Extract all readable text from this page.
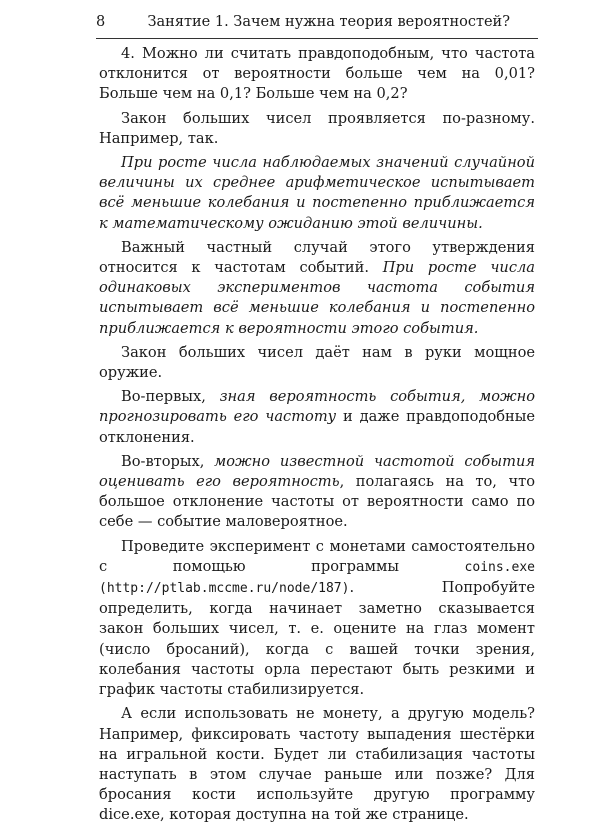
8	Занятие 1. Зачем нужна теория вероятностей?

4. Можно ли считать правдоподобным, что частота отклонится от вероятности больше чем на 0,01? Больше чем на 0,1? Больше чем на 0,2?

Закон больших чисел проявляется по-разному. Например, так.

При росте числа наблюдаемых значений случайной величины их среднее арифметическое испытывает всё меньшие колебания и постепенно приближается к математическому ожиданию этой величины.

Важный частный случай этого утверждения относится к частотам событий. При росте числа одинаковых экспериментов частота события испытывает всё меньшие колебания и постепенно приближается к вероятности этого события.

Закон больших чисел даёт нам в руки мощное оружие.

Во-первых, зная вероятность события, можно прогнозировать его частоту и даже правдоподобные отклонения.

Во-вторых, можно известной частотой события оценивать его вероятность, полагаясь на то, что большое отклонение частоты от вероятности само по себе — событие маловероятное.

Проведите эксперимент с монетами самостоятельно с помощью программы coins.exe (http://ptlab.mccme.ru/node/187). Попробуйте определить, когда начинает заметно сказывается закон больших чисел, т. е. оцените на глаз момент (число бросаний), когда с вашей точки зрения, колебания частоты орла перестают быть резкими и график частоты стабилизируется.

А если использовать не монету, а другую модель? Например, фиксировать частоту выпадения шестёрки на игральной кости. Будет ли стабилизация частоты наступать в этом случае раньше или позже? Для бросания кости используйте другую программу dice.exe, которая доступна на той же странице.
